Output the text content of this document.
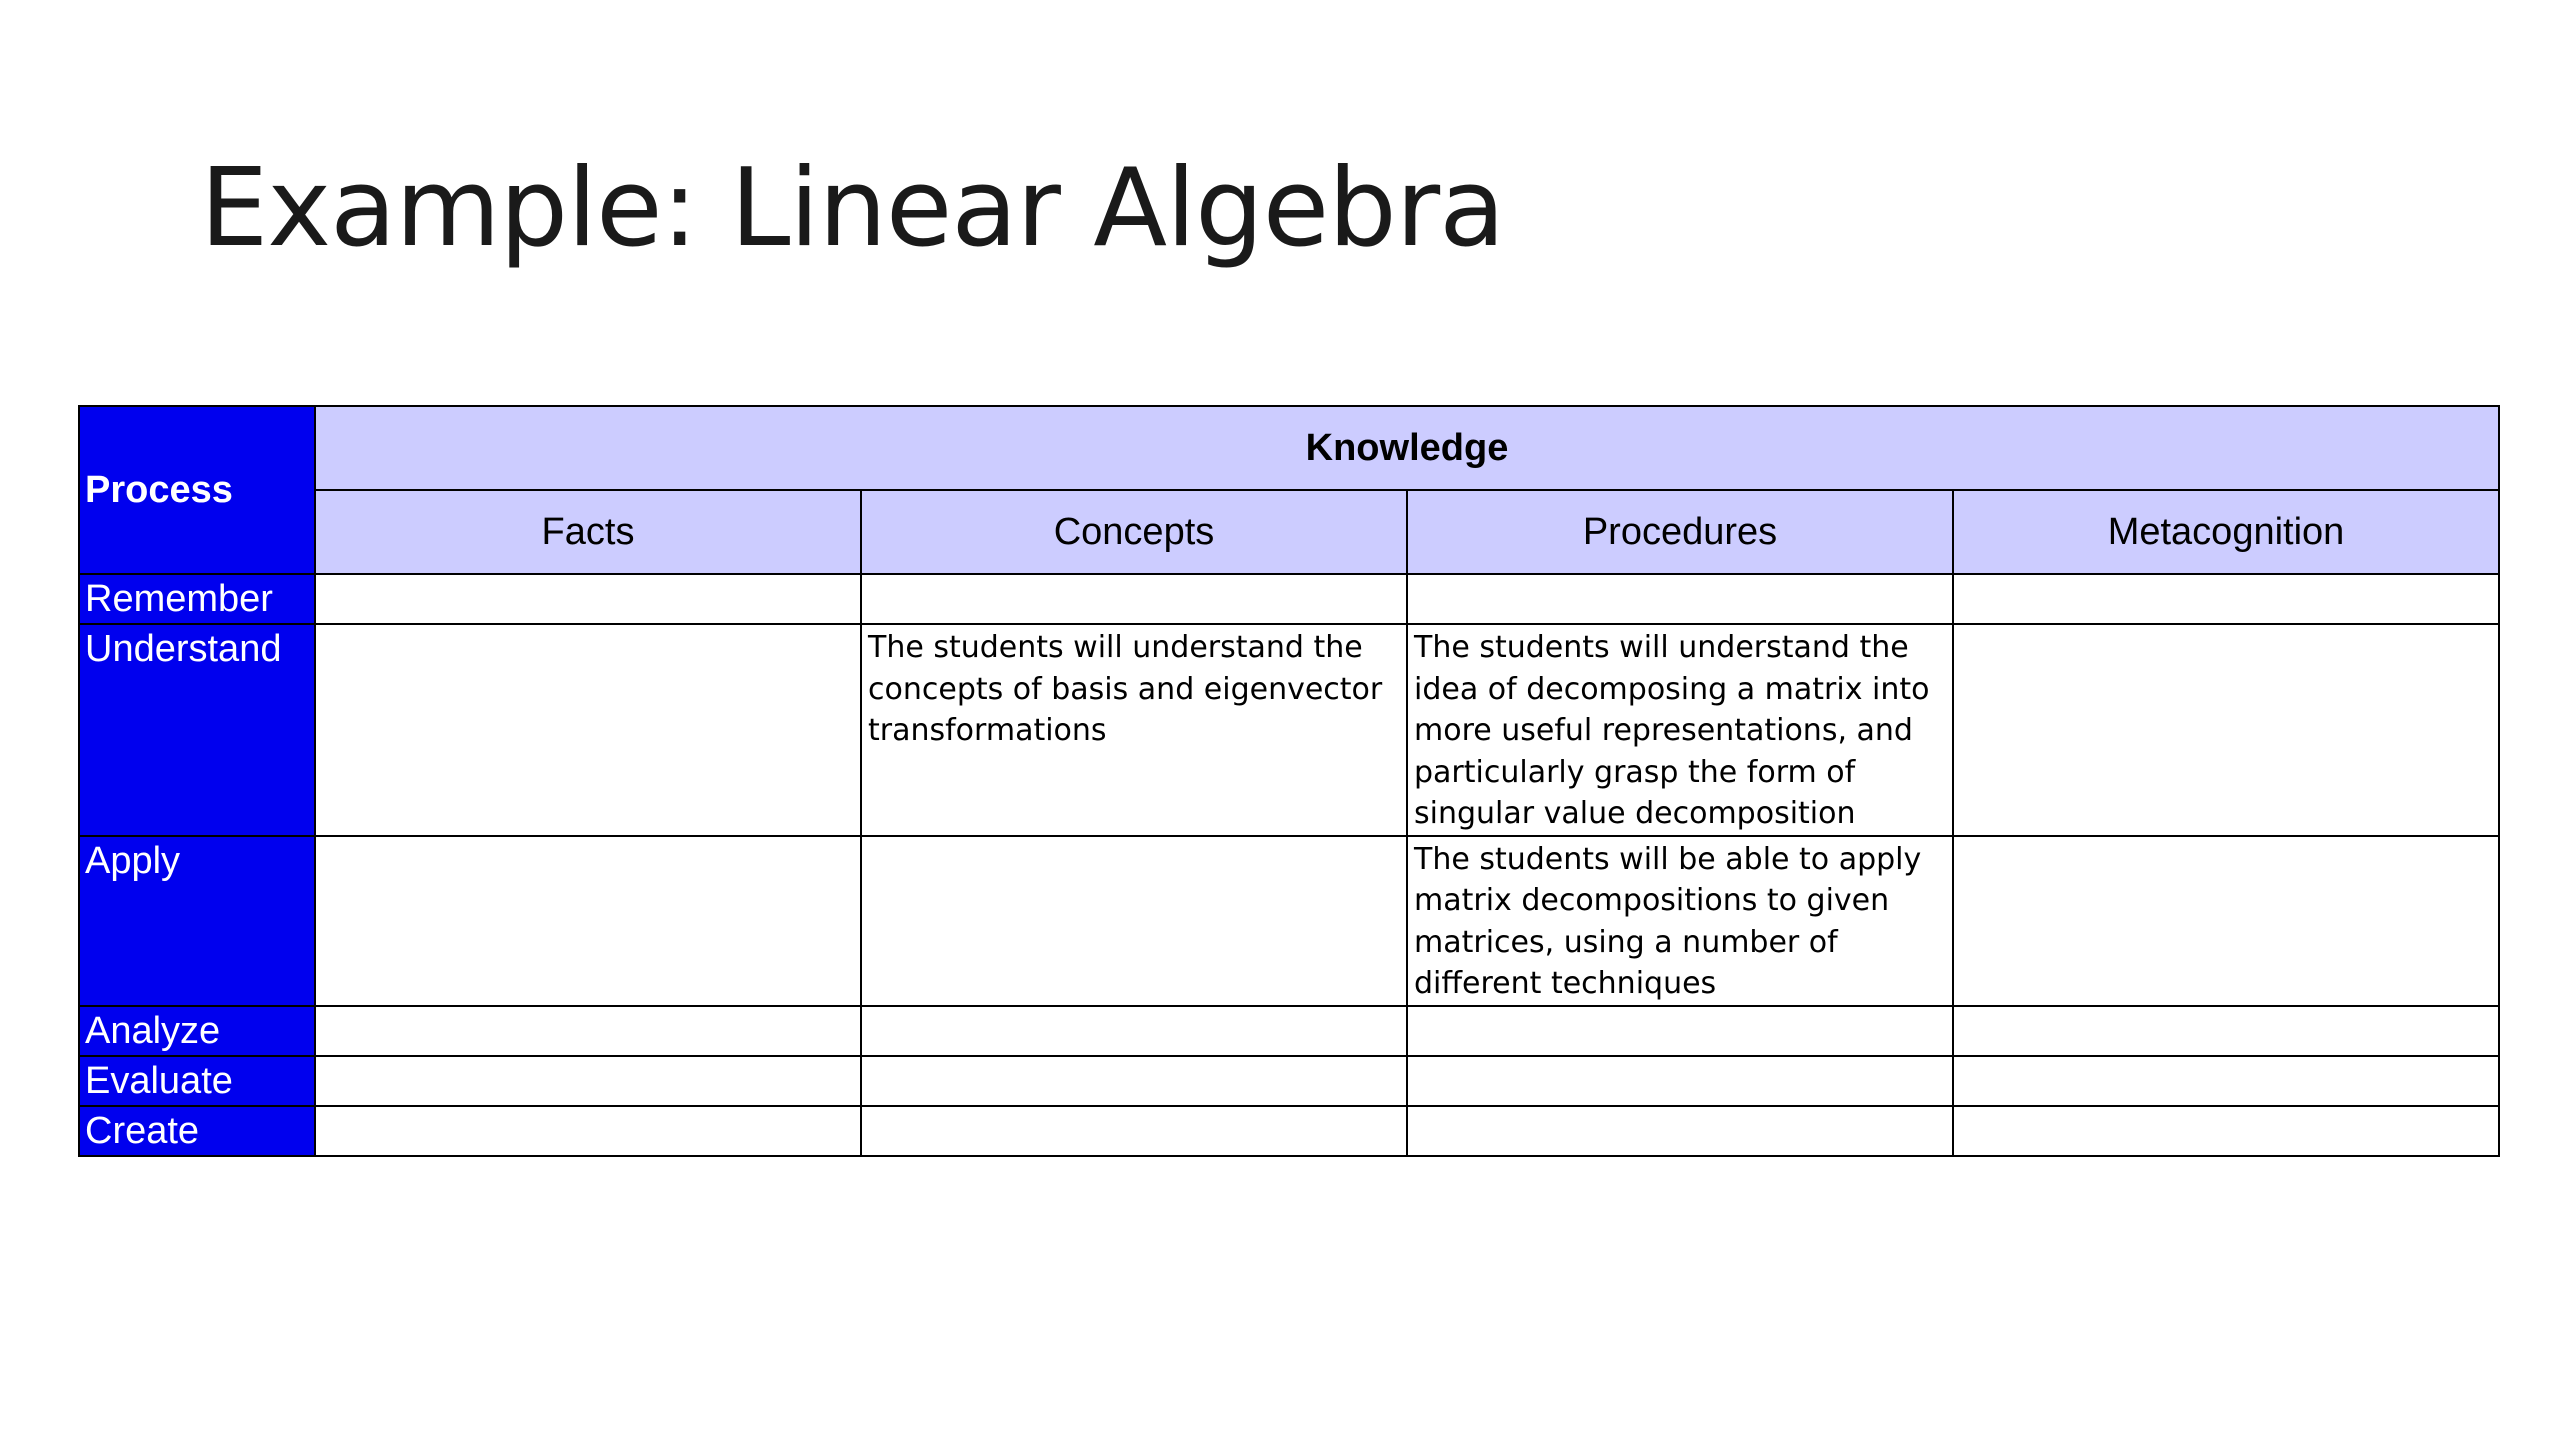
Example: Linear Algebra
Process	Knowledge			
	Facts	Concepts	Procedures	Metacognition
Remember				
Understand		The students will understand the concepts of basis and eigenvector transformations	The students will understand the idea of decomposing a matrix into more useful representations, and particularly grasp the form of singular value decomposition	
Apply			The students will be able to apply matrix decompositions to given matrices, using a number of different techniques	
Analyze				
Evaluate				
Create				
